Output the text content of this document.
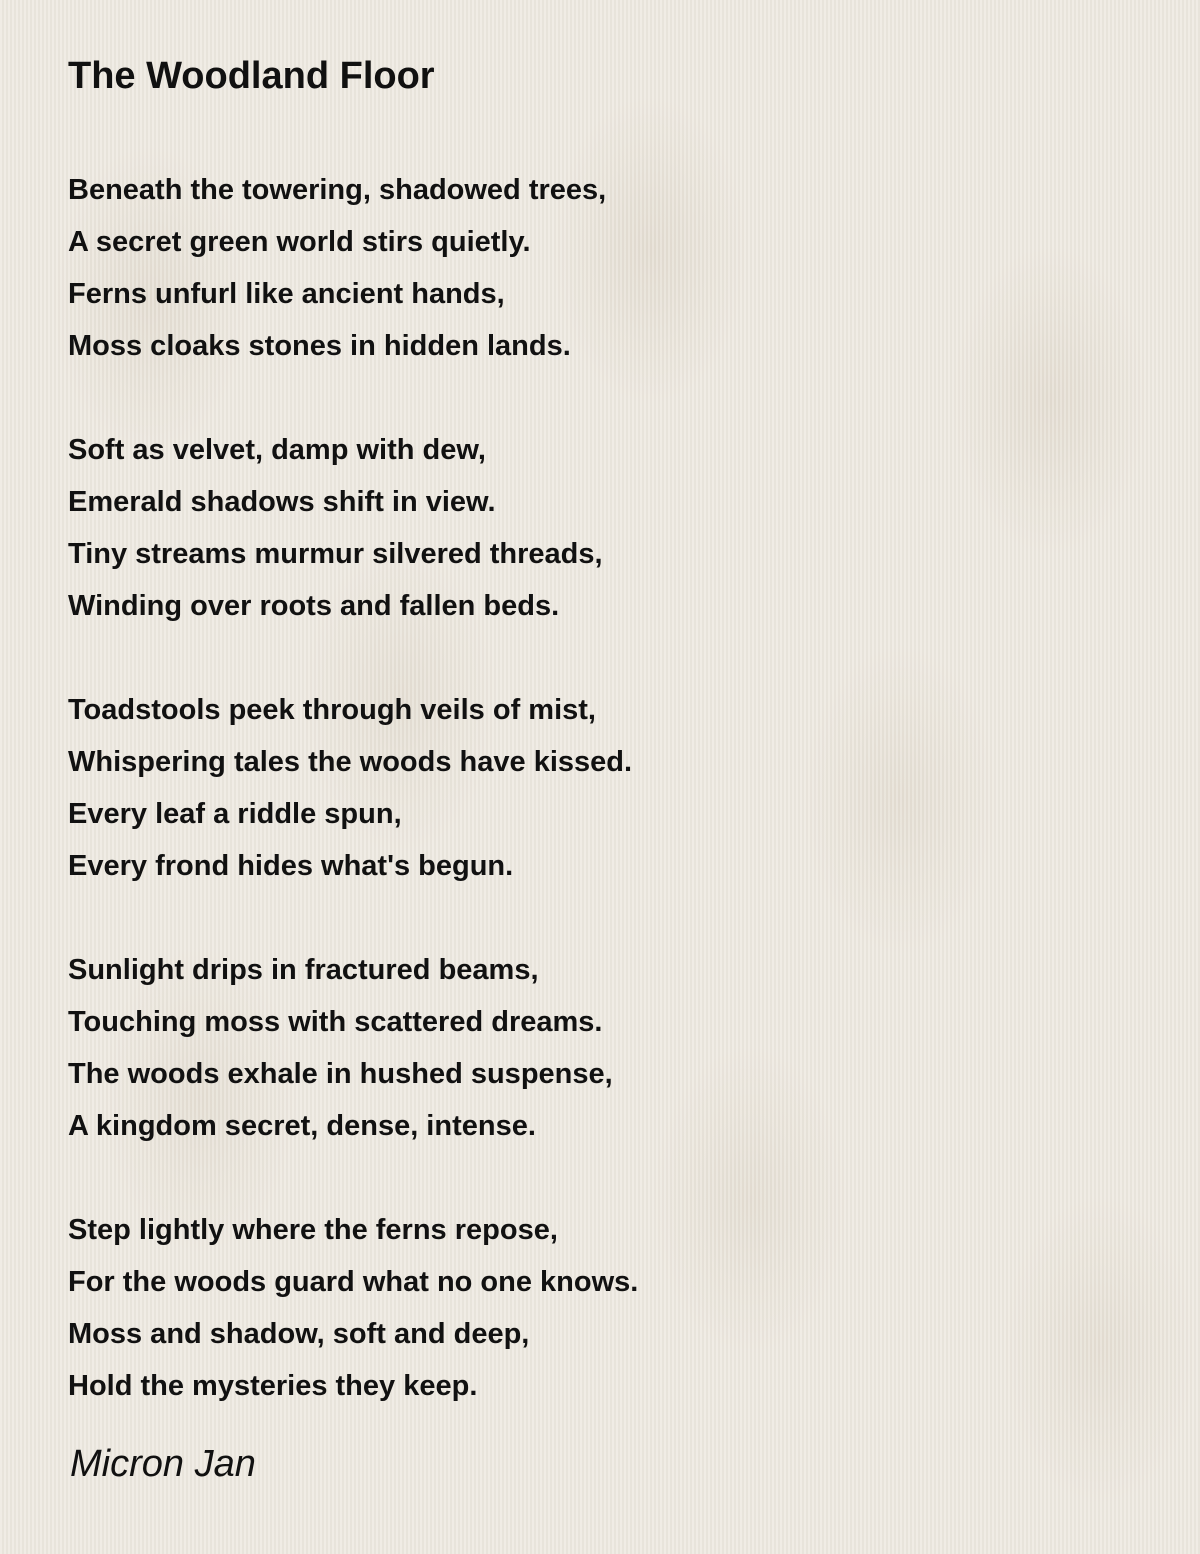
The Woodland Floor
Beneath the towering, shadowed trees,
A secret green world stirs quietly.
Ferns unfurl like ancient hands,
Moss cloaks stones in hidden lands.
Soft as velvet, damp with dew,
Emerald shadows shift in view.
Tiny streams murmur silvered threads,
Winding over roots and fallen beds.
Toadstools peek through veils of mist,
Whispering tales the woods have kissed.
Every leaf a riddle spun,
Every frond hides what's begun.
Sunlight drips in fractured beams,
Touching moss with scattered dreams.
The woods exhale in hushed suspense,
A kingdom secret, dense, intense.
Step lightly where the ferns repose,
For the woods guard what no one knows.
Moss and shadow, soft and deep,
Hold the mysteries they keep.
Micron Jan
